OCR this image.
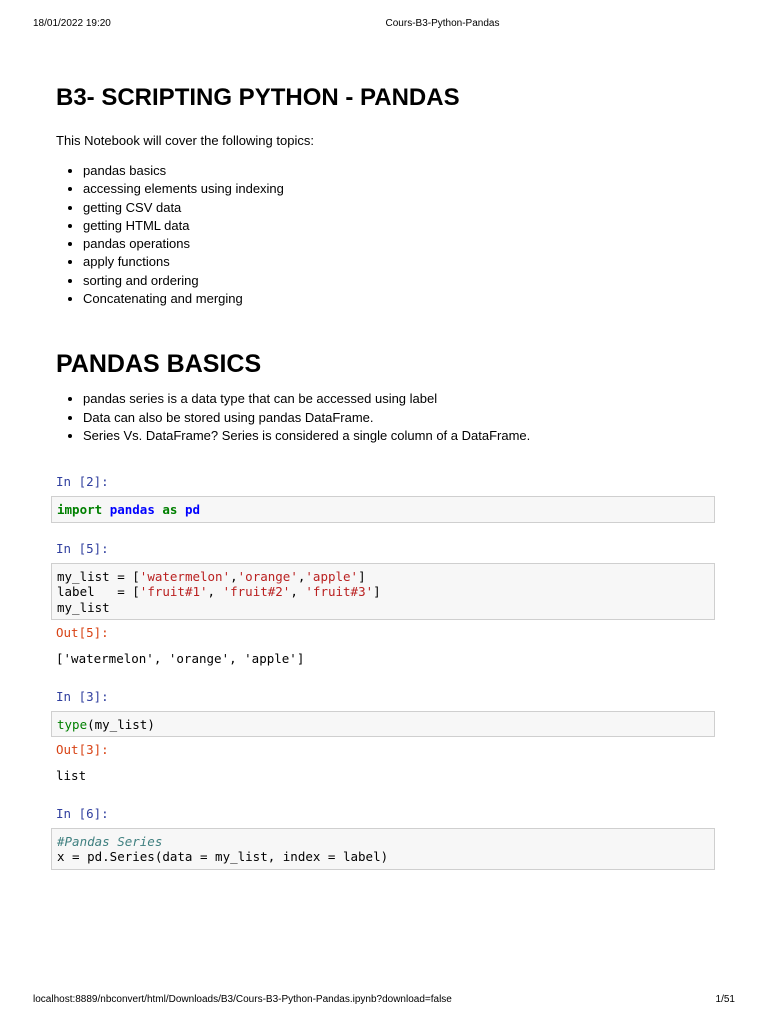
18/01/2022 19:20	Cours-B3-Python-Pandas
B3- SCRIPTING PYTHON - PANDAS

This Notebook will cover the following topics:

• pandas basics
• accessing elements using indexing
• getting CSV data
• getting HTML data
• pandas operations
• apply functions
• sorting and ordering
• Concatenating and merging
PANDAS BASICS
• pandas series is a data type that can be accessed using label
• Data can also be stored using pandas DataFrame.
• Series Vs. DataFrame? Series is considered a single column of a DataFrame.
In [2]:
import pandas as pd
In [5]:
my_list = ['watermelon','orange','apple']
label   = ['fruit#1', 'fruit#2', 'fruit#3']
my_list
Out[5]:
['watermelon', 'orange', 'apple']
In [3]:
type(my_list)
Out[3]:
list
In [6]:
#Pandas Series
x = pd.Series(data = my_list, index = label)
localhost:8889/nbconvert/html/Downloads/B3/Cours-B3-Python-Pandas.ipynb?download=false	1/51
